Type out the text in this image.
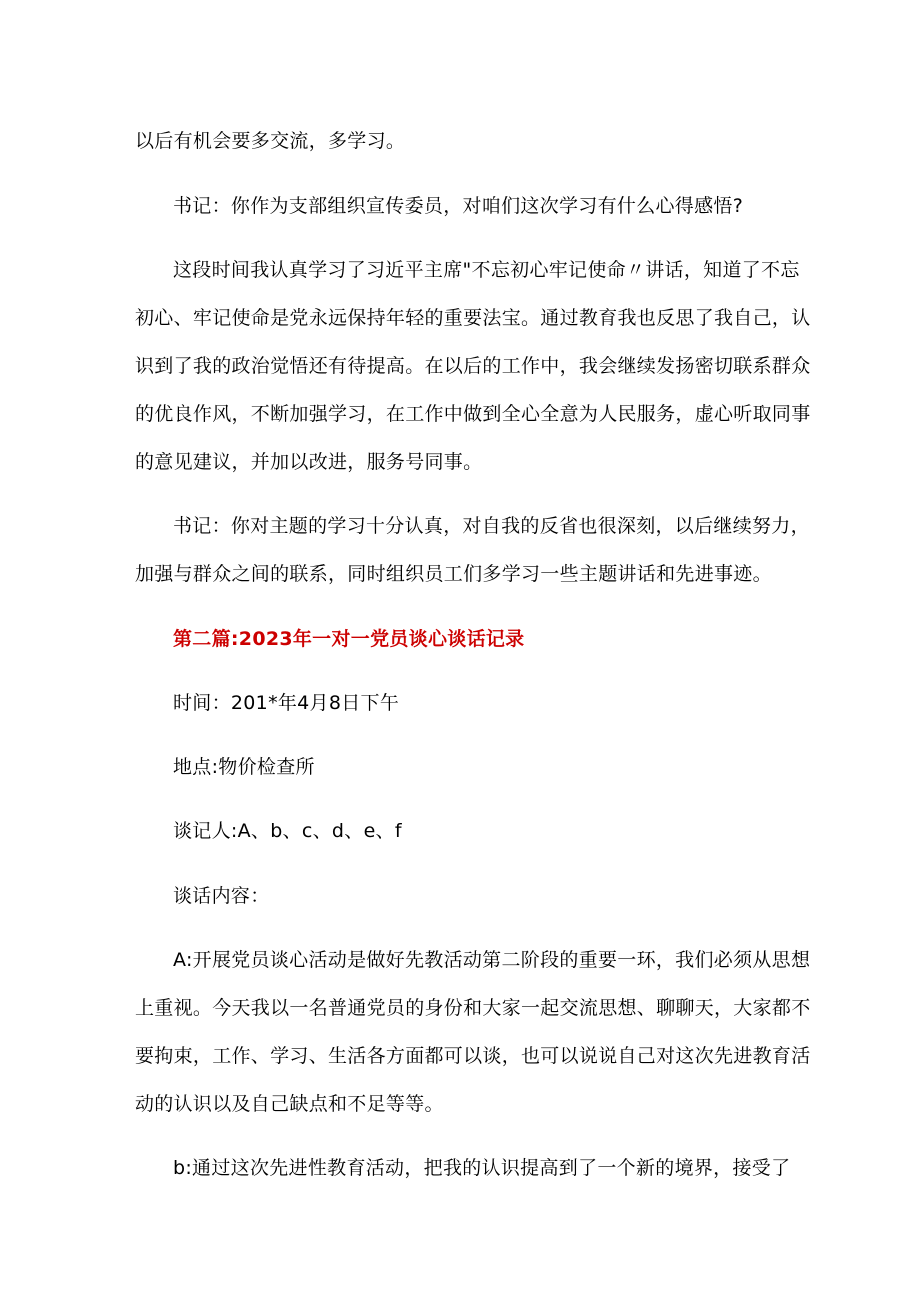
以后有机会要多交流，多学习。
书记：你作为支部组织宣传委员，对咱们这次学习有什么心得感悟?
这段时间我认真学习了习近平主席"不忘初心牢记使命〃讲话，知道了不忘
初心、牢记使命是党永远保持年轻的重要法宝。通过教育我也反思了我自己，认
识到了我的政治觉悟还有待提高。在以后的工作中，我会继续发扬密切联系群众
的优良作风，不断加强学习，在工作中做到全心全意为人民服务，虚心听取同事
的意见建议，并加以改进，服务号同事。
书记：你对主题的学习十分认真，对自我的反省也很深刻，以后继续努力，
加强与群众之间的联系，同时组织员工们多学习一些主题讲话和先进事迹。
第二篇:2023年一对一党员谈心谈话记录
时间：201*年4月8日下午
地点:物价检查所
谈记人:A、b、c、d、e、f
谈话内容：
A:开展党员谈心活动是做好先教活动第二阶段的重要一环，我们必须从思想
上重视。今天我以一名普通党员的身份和大家一起交流思想、聊聊天，大家都不
要拘束，工作、学习、生活各方面都可以谈，也可以说说自己对这次先进教育活
动的认识以及自己缺点和不足等等。
b:通过这次先进性教育活动，把我的认识提高到了一个新的境界，接受了
